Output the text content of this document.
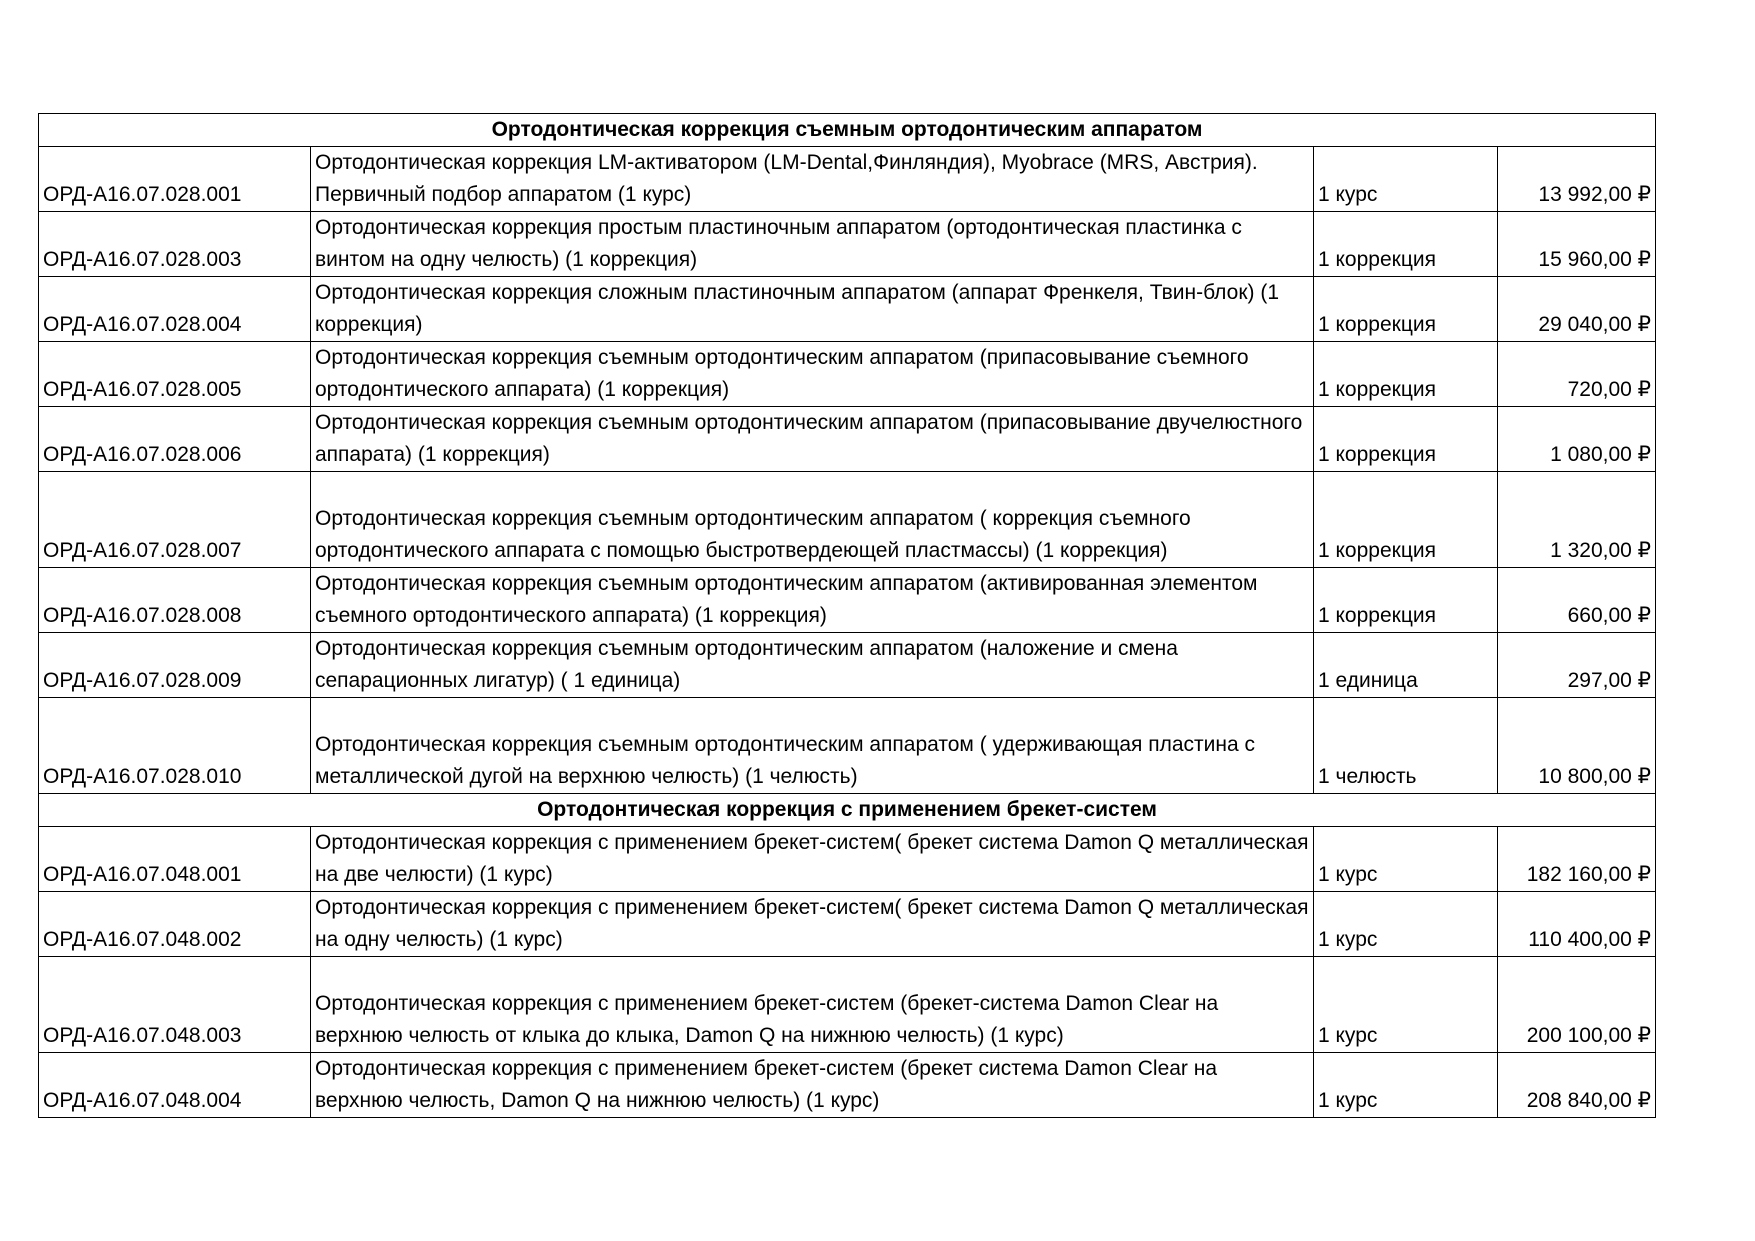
Ортодонтическая коррекция съемным ортодонтическим аппаратом			
ОРД-А16.07.028.001	Ортодонтическая коррекция LM-активатором (LM-Dental,Финляндия), Myobrace (MRS, Австрия). Первичный подбор аппаратом (1 курс)	1 курс	13 992,00 ₽
ОРД-А16.07.028.003	Ортодонтическая коррекция простым пластиночным аппаратом (ортодонтическая пластинка с винтом на одну челюсть) (1 коррекция)	1 коррекция	15 960,00 ₽
ОРД-А16.07.028.004	Ортодонтическая коррекция сложным пластиночным аппаратом (аппарат Френкеля, Твин-блок) (1 коррекция)	1 коррекция	29 040,00 ₽
ОРД-А16.07.028.005	Ортодонтическая коррекция съемным ортодонтическим аппаратом (припасовывание съемного ортодонтического аппарата) (1 коррекция)	1 коррекция	720,00 ₽
ОРД-А16.07.028.006	Ортодонтическая коррекция съемным ортодонтическим аппаратом (припасовывание двучелюстного аппарата) (1 коррекция)	1 коррекция	1 080,00 ₽
ОРД-А16.07.028.007	Ортодонтическая коррекция съемным ортодонтическим аппаратом ( коррекция съемного ортодонтического аппарата с помощью быстротвердеющей пластмассы) (1 коррекция)	1 коррекция	1 320,00 ₽
ОРД-А16.07.028.008	Ортодонтическая коррекция съемным ортодонтическим аппаратом (активированная элементом съемного ортодонтического аппарата) (1 коррекция)	1 коррекция	660,00 ₽
ОРД-А16.07.028.009	Ортодонтическая коррекция съемным ортодонтическим аппаратом (наложение и смена сепарационных лигатур) ( 1 единица)	1 единица	297,00 ₽
ОРД-А16.07.028.010	Ортодонтическая коррекция съемным ортодонтическим аппаратом ( удерживающая пластина с металлической дугой на верхнюю челюсть) (1 челюсть)	1 челюсть	10 800,00 ₽
Ортодонтическая коррекция с применением брекет-систем			
ОРД-А16.07.048.001	Ортодонтическая коррекция с применением брекет-систем( брекет система Damon Q металлическая на две челюсти) (1 курс)	1 курс	182 160,00 ₽
ОРД-А16.07.048.002	Ортодонтическая коррекция с применением брекет-систем( брекет система Damon Q металлическая на одну челюсть) (1 курс)	1 курс	110 400,00 ₽
ОРД-А16.07.048.003	Ортодонтическая коррекция с применением брекет-систем (брекет-система Damon Clear на верхнюю челюсть от клыка до клыка, Damon Q на нижнюю челюсть) (1 курс)	1 курс	200 100,00 ₽
ОРД-А16.07.048.004	Ортодонтическая коррекция с применением брекет-систем (брекет система Damon Clear на верхнюю челюсть, Damon Q на нижнюю челюсть) (1 курс)	1 курс	208 840,00 ₽
